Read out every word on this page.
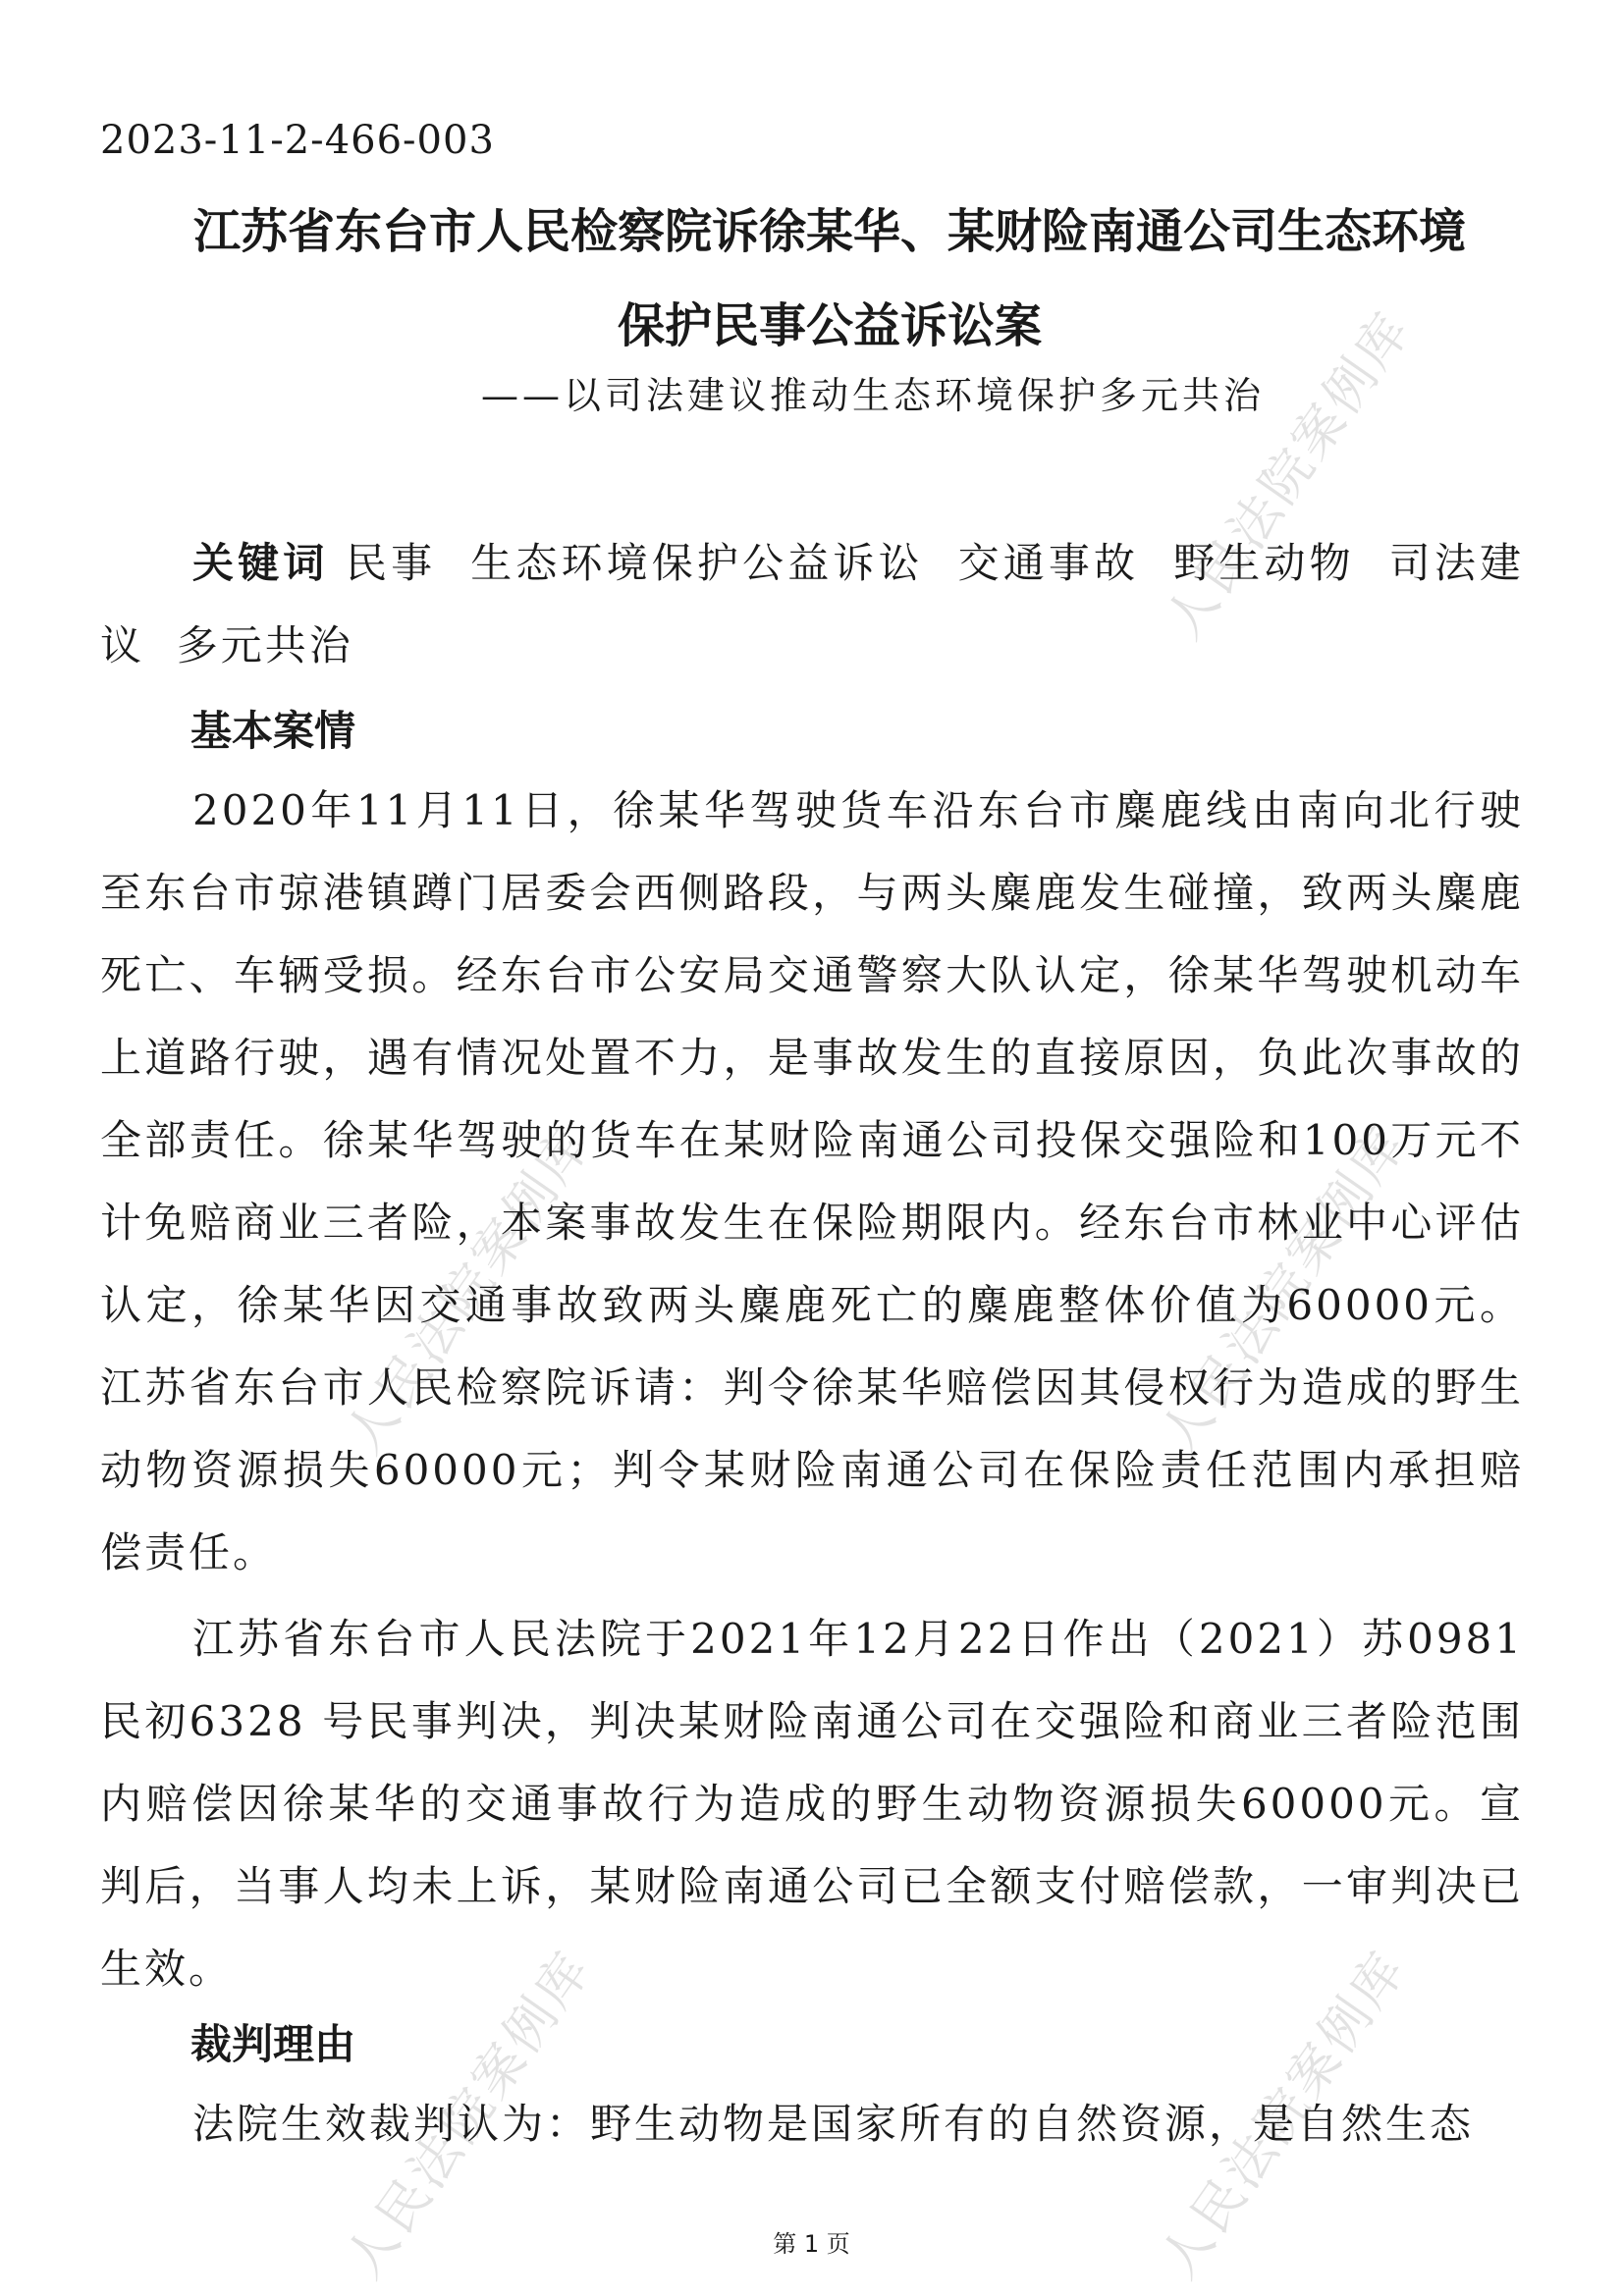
人民法院案例库
人民法院案例库	人民法院案例库
人民法院案例库	人民法院案例库
2023-11-2-466-003
江苏省东台市人民检察院诉徐某华、某财险南通公司生态环境
保护民事公益诉讼案
——以司法建议推动生态环境保护多元共治

关键词 民事  生态环境保护公益诉讼  交通事故  野生动物  司法建议  多元共治

基本案情

2020年11月11日，徐某华驾驶货车沿东台市麋鹿线由南向北行驶至东台市弶港镇蹲门居委会西侧路段，与两头麋鹿发生碰撞，致两头麋鹿死亡、车辆受损。经东台市公安局交通警察大队认定，徐某华驾驶机动车上道路行驶，遇有情况处置不力，是事故发生的直接原因，负此次事故的全部责任。徐某华驾驶的货车在某财险南通公司投保交强险和100万元不计免赔商业三者险，本案事故发生在保险期限内。经东台市林业中心评估认定，徐某华因交通事故致两头麋鹿死亡的麋鹿整体价值为60000元。江苏省东台市人民检察院诉请：判令徐某华赔偿因其侵权行为造成的野生动物资源损失60000元；判令某财险南通公司在保险责任范围内承担赔偿责任。

江苏省东台市人民法院于2021年12月22日作出（2021）苏0981 民初6328 号民事判决，判决某财险南通公司在交强险和商业三者险范围内赔偿因徐某华的交通事故行为造成的野生动物资源损失60000元。宣判后，当事人均未上诉，某财险南通公司已全额支付赔偿款，一审判决已生效。

裁判理由

法院生效裁判认为：野生动物是国家所有的自然资源，是自然生态

第 1 页
